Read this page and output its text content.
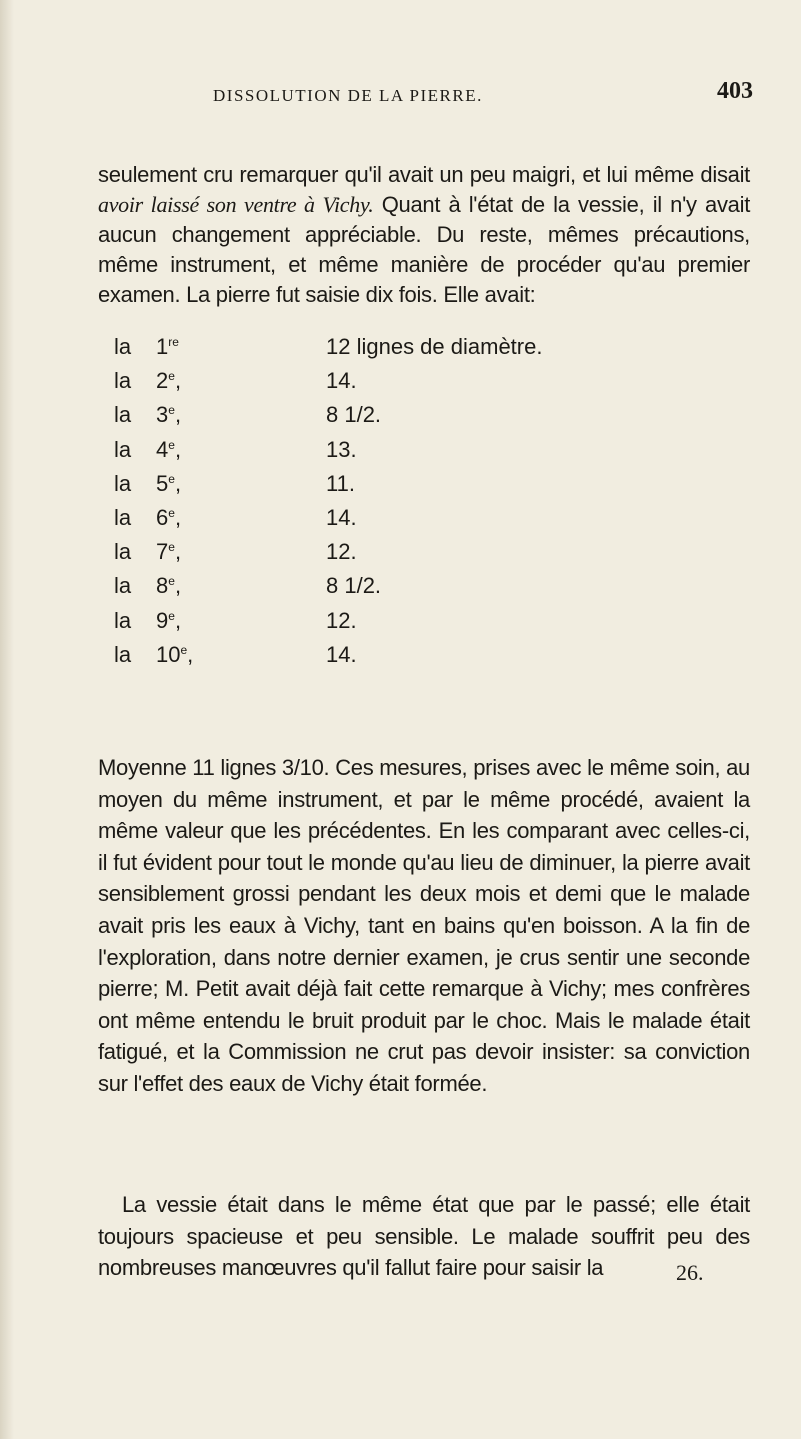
DISSOLUTION DE LA PIERRE.	403

seulement cru remarquer qu'il avait un peu maigri, et lui même disait avoir laissé son ventre à Vichy. Quant à l'état de la vessie, il n'y avait aucun changement appréciable. Du reste, mêmes précautions, même instrument, et même manière de procéder qu'au premier examen. La pierre fut saisie dix fois. Elle avait:

la 1re	12 lignes de diamètre.
la 2e,	14.
la 3e,	8 1/2.
la 4e,	13.
la 5e,	11.
la 6e,	14.
la 7e,	12.
la 8e,	8 1/2.
la 9e,	12.
la 10e,	14.

Moyenne 11 lignes 3/10. Ces mesures, prises avec le même soin, au moyen du même instrument, et par le même procédé, avaient la même valeur que les précédentes. En les comparant avec celles-ci, il fut évident pour tout le monde qu'au lieu de diminuer, la pierre avait sensiblement grossi pendant les deux mois et demi que le malade avait pris les eaux à Vichy, tant en bains qu'en boisson. A la fin de l'exploration, dans notre dernier examen, je crus sentir une seconde pierre; M. Petit avait déjà fait cette remarque à Vichy; mes confrères ont même entendu le bruit produit par le choc. Mais le malade était fatigué, et la Commission ne crut pas devoir insister: sa conviction sur l'effet des eaux de Vichy était formée.

La vessie était dans le même état que par le passé; elle était toujours spacieuse et peu sensible. Le malade souffrit peu des nombreuses manœuvres qu'il fallut faire pour saisir la	26.
